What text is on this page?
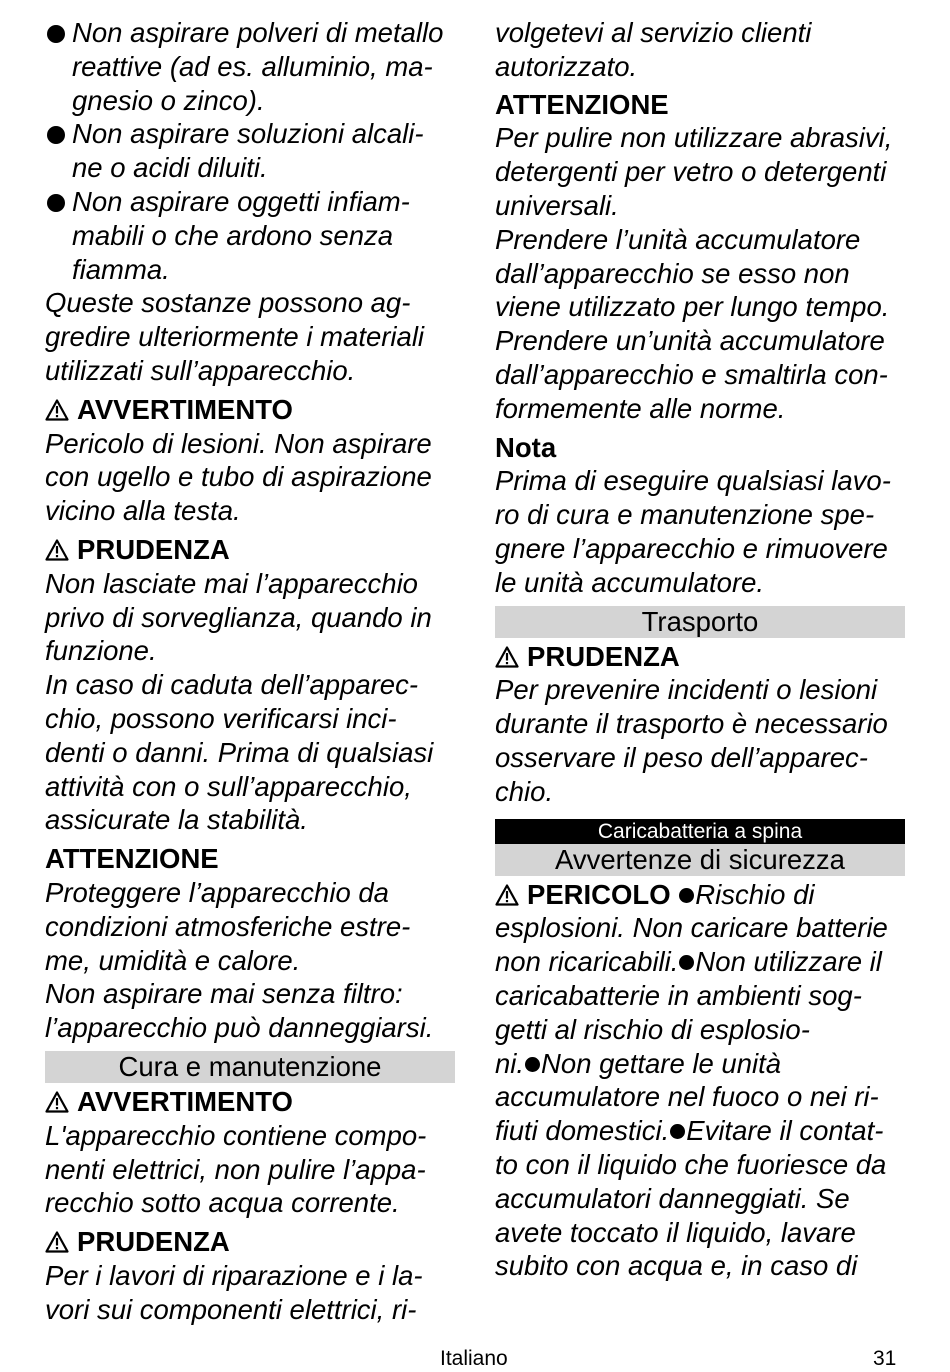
Non aspirare polveri di metallo
reattive (ad es. alluminio, ma-
gnesio o zinco).
Non aspirare soluzioni alcali-
ne o acidi diluiti.
Non aspirare oggetti infiam-
mabili o che ardono senza
fiamma.
Queste sostanze possono ag-
gredire ulteriormente i materiali
utilizzati sull’apparecchio.
AVVERTIMENTO
Pericolo di lesioni. Non aspirare
con ugello e tubo di aspirazione
vicino alla testa.
PRUDENZA
Non lasciate mai l’apparecchio
privo di sorveglianza, quando in
funzione.
In caso di caduta dell’apparec-
chio, possono verificarsi inci-
denti o danni. Prima di qualsiasi
attività con o sull’apparecchio,
assicurate la stabilità.
ATTENZIONE
Proteggere l’apparecchio da
condizioni atmosferiche estre-
me, umidità e calore.
Non aspirare mai senza filtro:
l’apparecchio può danneggiarsi.
Cura e manutenzione
AVVERTIMENTO
L'apparecchio contiene compo-
nenti elettrici, non pulire l’appa-
recchio sotto acqua corrente.
PRUDENZA
Per i lavori di riparazione e i la-
vori sui componenti elettrici, ri-
volgetevi al servizio clienti
autorizzato.
ATTENZIONE
Per pulire non utilizzare abrasivi,
detergenti per vetro o detergenti
universali.
Prendere l’unità accumulatore
dall’apparecchio se esso non
viene utilizzato per lungo tempo.
Prendere un’unità accumulatore
dall’apparecchio e smaltirla con-
formemente alle norme.
Nota
Prima di eseguire qualsiasi lavo-
ro di cura e manutenzione spe-
gnere l’apparecchio e rimuovere
le unità accumulatore.
Trasporto
PRUDENZA
Per prevenire incidenti o lesioni
durante il trasporto è necessario
osservare il peso dell’apparec-
chio.
Caricabatteria a spina
Avvertenze di sicurezza
PERICOLO Rischio di
esplosioni. Non caricare batterie
non ricaricabili. Non utilizzare il
caricabatterie in ambienti sog-
getti al rischio di esplosio-
ni. Non gettare le unità
accumulatore nel fuoco o nei ri-
fiuti domestici. Evitare il contat-
to con il liquido che fuoriesce da
accumulatori danneggiati. Se
avete toccato il liquido, lavare
subito con acqua e, in caso di
Italiano	31
